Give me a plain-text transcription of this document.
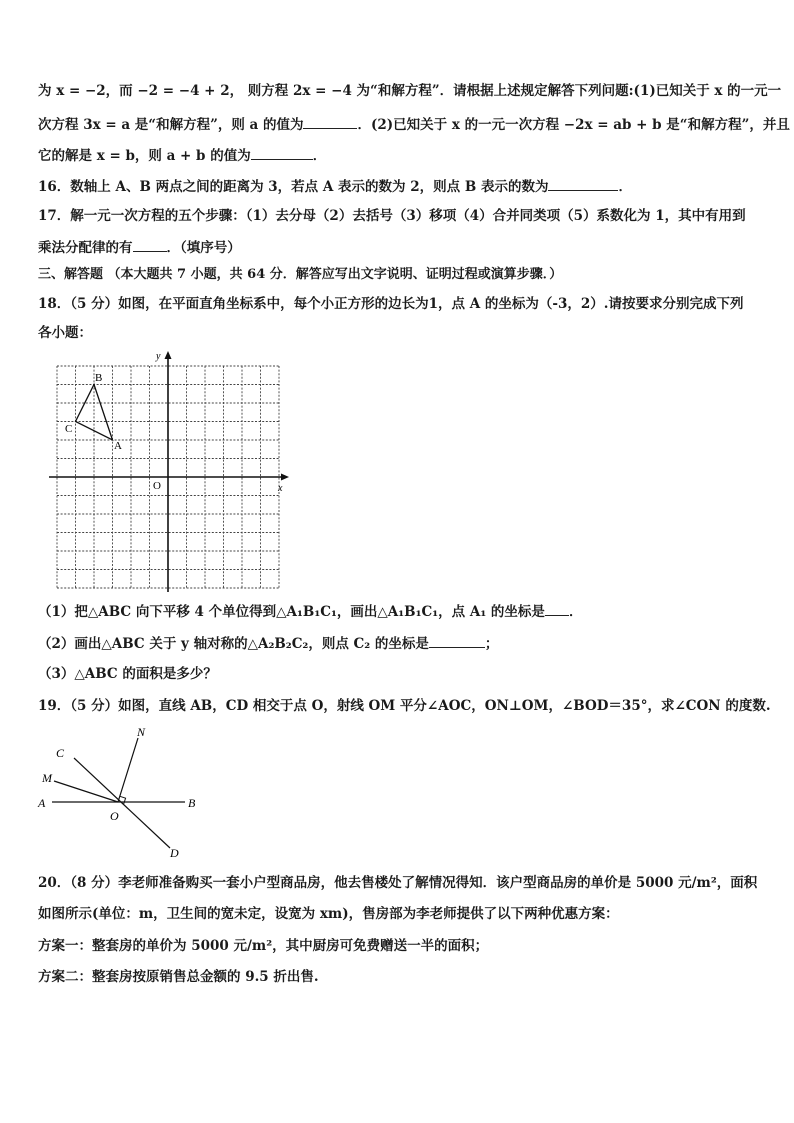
为 x = −2，而 −2 = −4 + 2， 则方程 2x = −4 为“和解方程”．请根据上述规定解答下列问题:(1)已知关于 x 的一元一
次方程 3x = a 是“和解方程”，则 a 的值为	．(2)已知关于 x 的一元一次方程 −2x = ab + b 是“和解方程”，并且
它的解是 x = b，则 a + b 的值为	．
16．数轴上 A、B 两点之间的距离为 3，若点 A 表示的数为 2，则点 B 表示的数为	．
17．解一元一次方程的五个步骤：（1）去分母（2）去括号（3）移项（4）合并同类项（5）系数化为 1，其中有用到
乘法分配律的有	．（填序号）
三、解答题 （本大题共 7 小题，共 64 分．解答应写出文字说明、证明过程或演算步骤．）
18．（5 分）如图，在平面直角坐标系中，每个小正方形的边长为1，点 A 的坐标为（-3，2）.请按要求分别完成下列
各小题：
x
y
O
A
B
C
（1）把△ABC 向下平移 4 个单位得到△A₁B₁C₁，画出△A₁B₁C₁，点 A₁ 的坐标是 ．
（2）画出△ABC 关于 y 轴对称的△A₂B₂C₂，则点 C₂ 的坐标是	；
（3）△ABC 的面积是多少？
19．（5 分）如图，直线 AB，CD 相交于点 O，射线 OM 平分∠AOC，ON⊥OM，∠BOD＝35°，求∠CON 的度数.
A	B
C
D
M
N
O
20．（8 分）李老师准备购买一套小户型商品房，他去售楼处了解情况得知．该户型商品房的单价是 5000 元/m²，面积
如图所示(单位：m，卫生间的宽未定，设宽为 xm)，售房部为李老师提供了以下两种优惠方案：
方案一：整套房的单价为 5000 元/m²，其中厨房可免费赠送一半的面积；
方案二：整套房按原销售总金额的 9.5 折出售.
